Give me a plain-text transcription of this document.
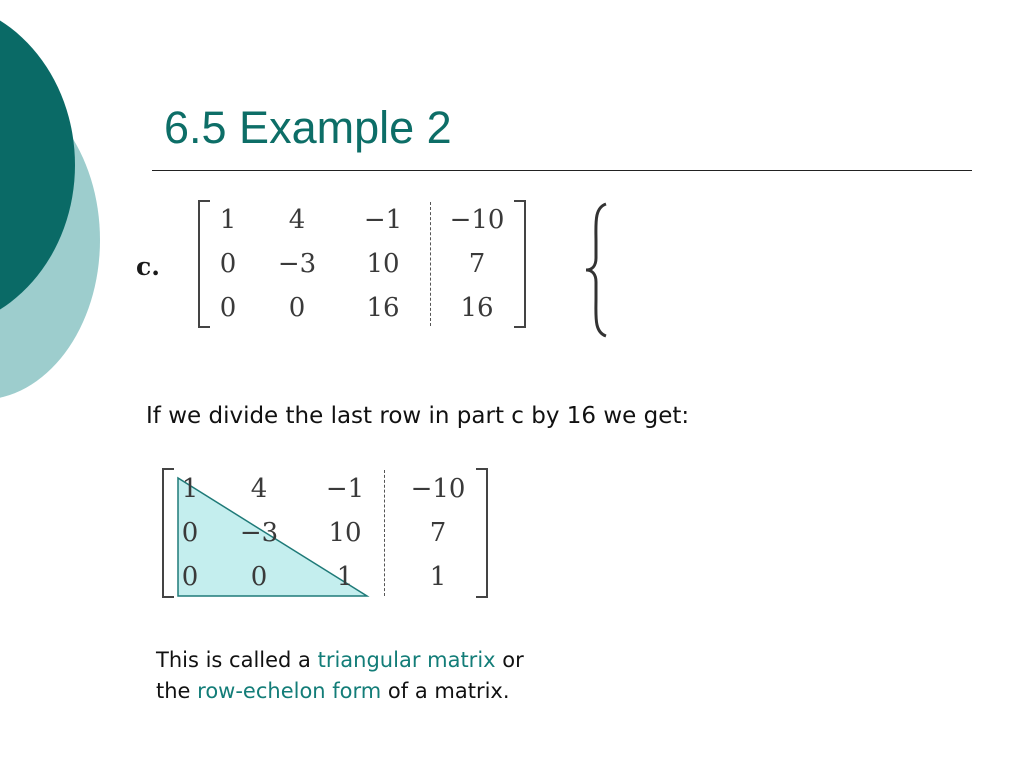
6.5 Example 2
c.
1	4	−1	−10
0	−3	10	7
0	0	16	16
If we divide the last row in part c by 16 we get:
1	4	−1	−10
0	−3	10	7
0	0	1	1
This is called a triangular matrix or
the row-echelon form of a matrix.
